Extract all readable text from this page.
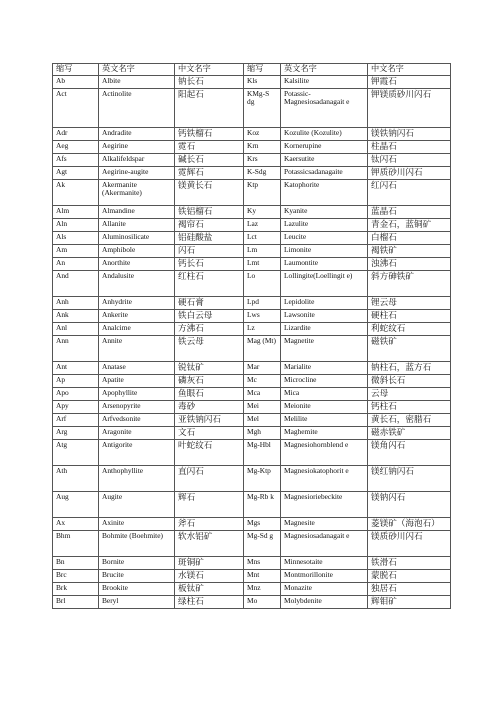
缩写	英文名字	中文名字	缩写	英文名字	中文名字
Ab	Albite	钠长石	Kls	Kalsilite	钾霞石
Act	Actinolite	阳起石	KMg-S dg	Potassic-Magnesiosadanagait e	钾镁质砂川闪石
Adr	Andradite	钙铁榴石	Koz	Kozulite (Kozulite)	镁铁钠闪石
Aeg	Aegirine	霓石	Krn	Kornerupine	柱晶石
Afs	Alkalifeldspar	碱长石	Krs	Kaersutite	钛闪石
Agt	Aegirine-augite	霓辉石	K-Sdg	Potassicsadanagaite	钾质砂川闪石
Ak	Akermanite (Akermanite)	镁黄长石	Ktp	Katophorite	红闪石
Alm	Almandine	铁铝榴石	Ky	Kyanite	蓝晶石
Aln	Allanite	褐帘石	Laz	Lazulite	青金石，蓝铜矿
Als	Aluminosilicate	铝硅酸盐	Lct	Leucite	白榴石
Am	Amphibole	闪石	Lm	Limonite	褐铁矿
An	Anorthite	钙长石	Lmt	Laumontite	浊沸石
And	Andalusite	红柱石	Lo	Lollingite(Loellingit e)	斜方砷铁矿
Anh	Anhydrite	硬石膏	Lpd	Lepidolite	锂云母
Ank	Ankerite	铁白云母	Lws	Lawsonite	硬柱石
Anl	Analcime	方沸石	Lz	Lizardite	利蛇纹石
Ann	Annite	铁云母	Mag (Mt)	Magnetite	磁铁矿
Ant	Anatase	锐钛矿	Mar	Marialite	钠柱石，蓝方石
Ap	Apatite	磷灰石	Mc	Microcline	微斜长石
Apo	Apophyllite	鱼眼石	Mca	Mica	云母
Apy	Arsenopyrite	毒砂	Mei	Meionite	钙柱石
Arf	Arfvedsonite	亚铁钠闪石	Mel	Melilite	黄长石，密腊石
Arg	Aragonite	文石	Mgh	Maghemite	磁赤铁矿
Atg	Antigorite	叶蛇纹石	Mg-Hbl	Magnesiohornblend e	镁角闪石
Ath	Anthophyllite	直闪石	Mg-Ktp	Magnesiokatophorit e	镁红钠闪石
Aug	Augite	辉石	Mg-Rb k	Magnesioriebeckite	镁钠闪石
Ax	Axinite	斧石	Mgs	Magnesite	菱镁矿（海泡石）
Bhm	Bohmite (Boehmite)	软水铝矿	Mg-Sd g	Magnesiosadanagait e	镁质砂川闪石
Bn	Bornite	斑铜矿	Mns	Minnesotaite	铁滑石
Brc	Brucite	水镁石	Mnt	Montmorillonite	蒙脱石
Brk	Brookite	板钛矿	Mnz	Monazite	独居石
Brl	Beryl	绿柱石	Mo	Molybdenite	辉钼矿
